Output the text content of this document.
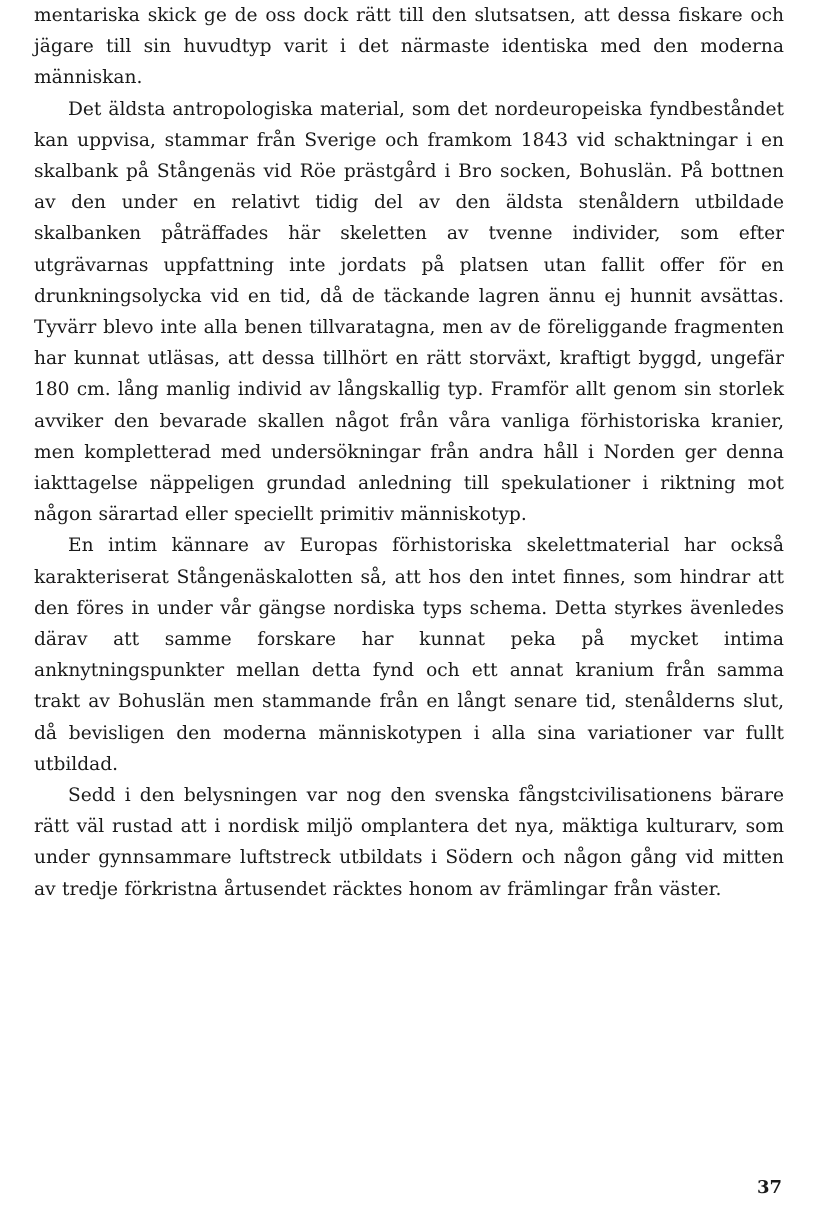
mentariska skick ge de oss dock rätt till den slutsatsen, att dessa fiskare och jägare till sin huvudtyp varit i det närmaste identiska med den moderna människan.

Det äldsta antropologiska material, som det nordeuropeiska fyndbeståndet kan uppvisa, stammar från Sverige och framkom 1843 vid schaktningar i en skalbank på Stångenäs vid Röe prästgård i Bro socken, Bohuslän. På bottnen av den under en relativt tidig del av den äldsta stenåldern utbildade skalbanken påträffades här skeletten av tvenne individer, som efter utgrävarnas uppfattning inte jordats på platsen utan fallit offer för en drunkningsolycka vid en tid, då de täckande lagren ännu ej hunnit avsättas. Tyvärr blevo inte alla benen tillvaratagna, men av de föreliggande fragmenten har kunnat utläsas, att dessa tillhört en rätt storväxt, kraftigt byggd, ungefär 180 cm. lång manlig individ av långskallig typ. Framför allt genom sin storlek avviker den bevarade skallen något från våra vanliga förhistoriska kranier, men kompletterad med undersökningar från andra håll i Norden ger denna iakttagelse näppeligen grundad anledning till spekulationer i riktning mot någon särartad eller speciellt primitiv människotyp.

En intim kännare av Europas förhistoriska skelettmaterial har också karakteriserat Stångenäskalotten så, att hos den intet finnes, som hindrar att den föres in under vår gängse nordiska typs schema. Detta styrkes ävenledes därav att samme forskare har kunnat peka på mycket intima anknytningspunkter mellan detta fynd och ett annat kranium från samma trakt av Bohuslän men stammande från en långt senare tid, stenålderns slut, då bevisligen den moderna människotypen i alla sina variationer var fullt utbildad.

Sedd i den belysningen var nog den svenska fångstcivilisationens bärare rätt väl rustad att i nordisk miljö omplantera det nya, mäktiga kulturarv, som under gynnsammare luftstreck utbildats i Södern och någon gång vid mitten av tredje förkristna årtusendet räcktes honom av främlingar från väster.

37
